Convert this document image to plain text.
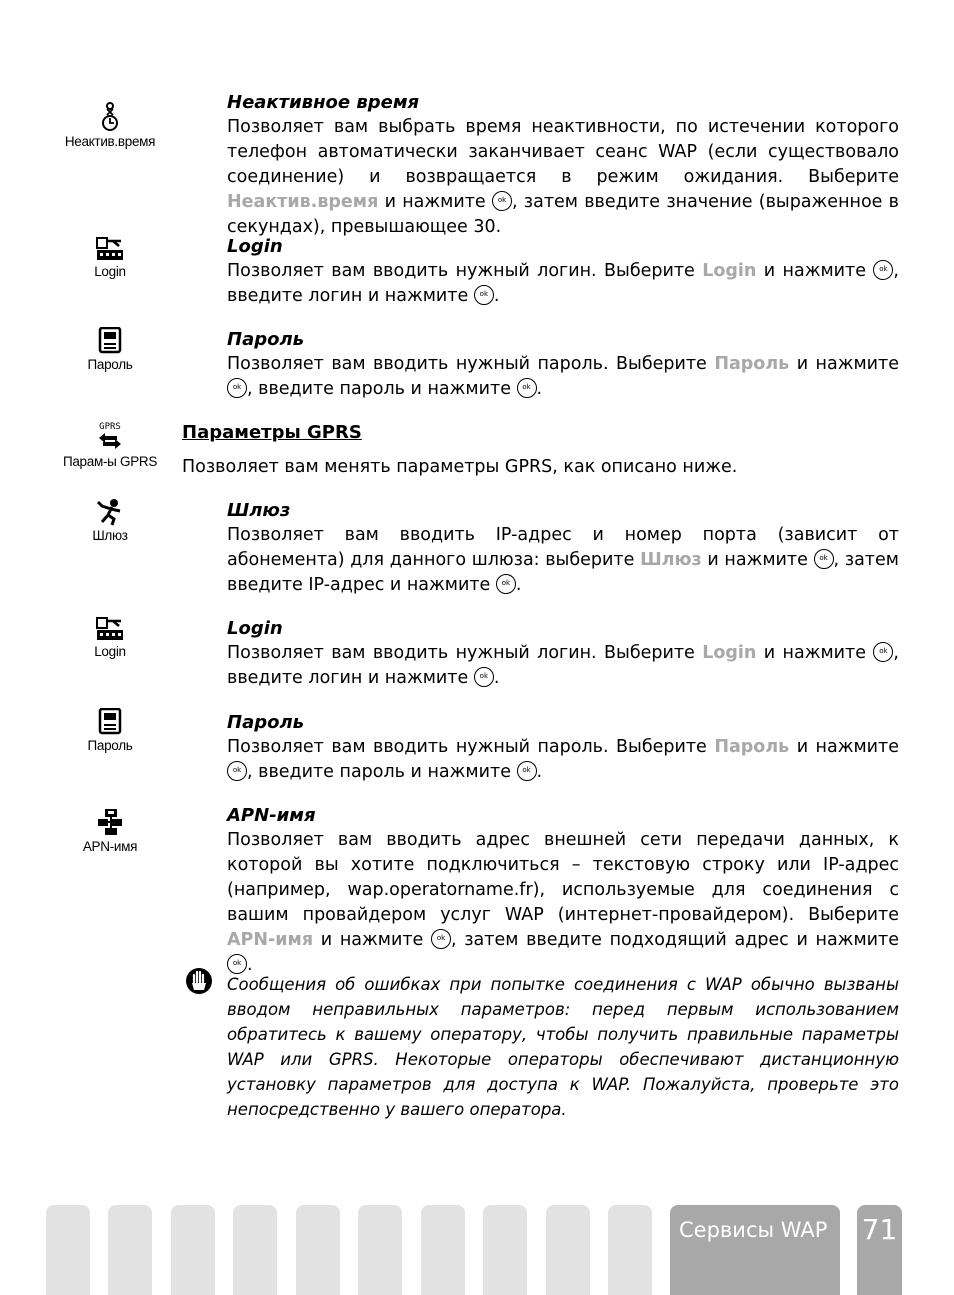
Неактив.время
Неактивное время

Позволяет вам выбрать время неактивности, по истечении которого телефон автоматически заканчивает сеанс WAP (если существовало соединение) и возвращается в режим ожидания. Выберите Неактив.время и нажмите ok , затем введите значение (выраженное в секундах), превышающее 30.

Login
Login

Позволяет вам вводить нужный логин. Выберите Login и нажмите ok , введите логин и нажмите ok .

Пароль
Пароль

Позволяет вам вводить нужный пароль. Выберите Пароль и нажмите ok, введите пароль и нажмите ok .

GPRS
Парам-ы GPRS
Параметры GPRS

Позволяет вам менять параметры GPRS, как описано ниже.

Шлюз
Шлюз

Позволяет вам вводить IP-адрес и номер порта (зависит от абонемента) для данного шлюза: выберите Шлюз и нажмите ok , затем введите IP-адрес и нажмите ok .

Login
Login

Позволяет вам вводить нужный логин. Выберите Login и нажмите ok , введите логин и нажмите ok .

Пароль
Пароль

Позволяет вам вводить нужный пароль. Выберите Пароль и нажмите ok, введите пароль и нажмите ok .

APN-имя
APN-имя

Позволяет вам вводить адрес внешней сети передачи данных, к которой вы хотите подключиться – текстовую строку или IP-адрес (например, wap.operatorname.fr), используемые для соединения с вашим провайдером услуг WAP (интернет-провайдером). Выберите APN-имя и нажмите ok , затем введите подходящий адрес и нажмите ok.

Сообщения об ошибках при попытке соединения с WAP обычно вызваны вводом неправильных параметров: перед первым использованием обратитесь к вашему оператору, чтобы получить правильные параметры WAP или GPRS. Некоторые операторы обеспечивают дистанционную установку параметров для доступа к WAP. Пожалуйста, проверьте это непосредственно у вашего оператора.

Сервисы WAP	71
